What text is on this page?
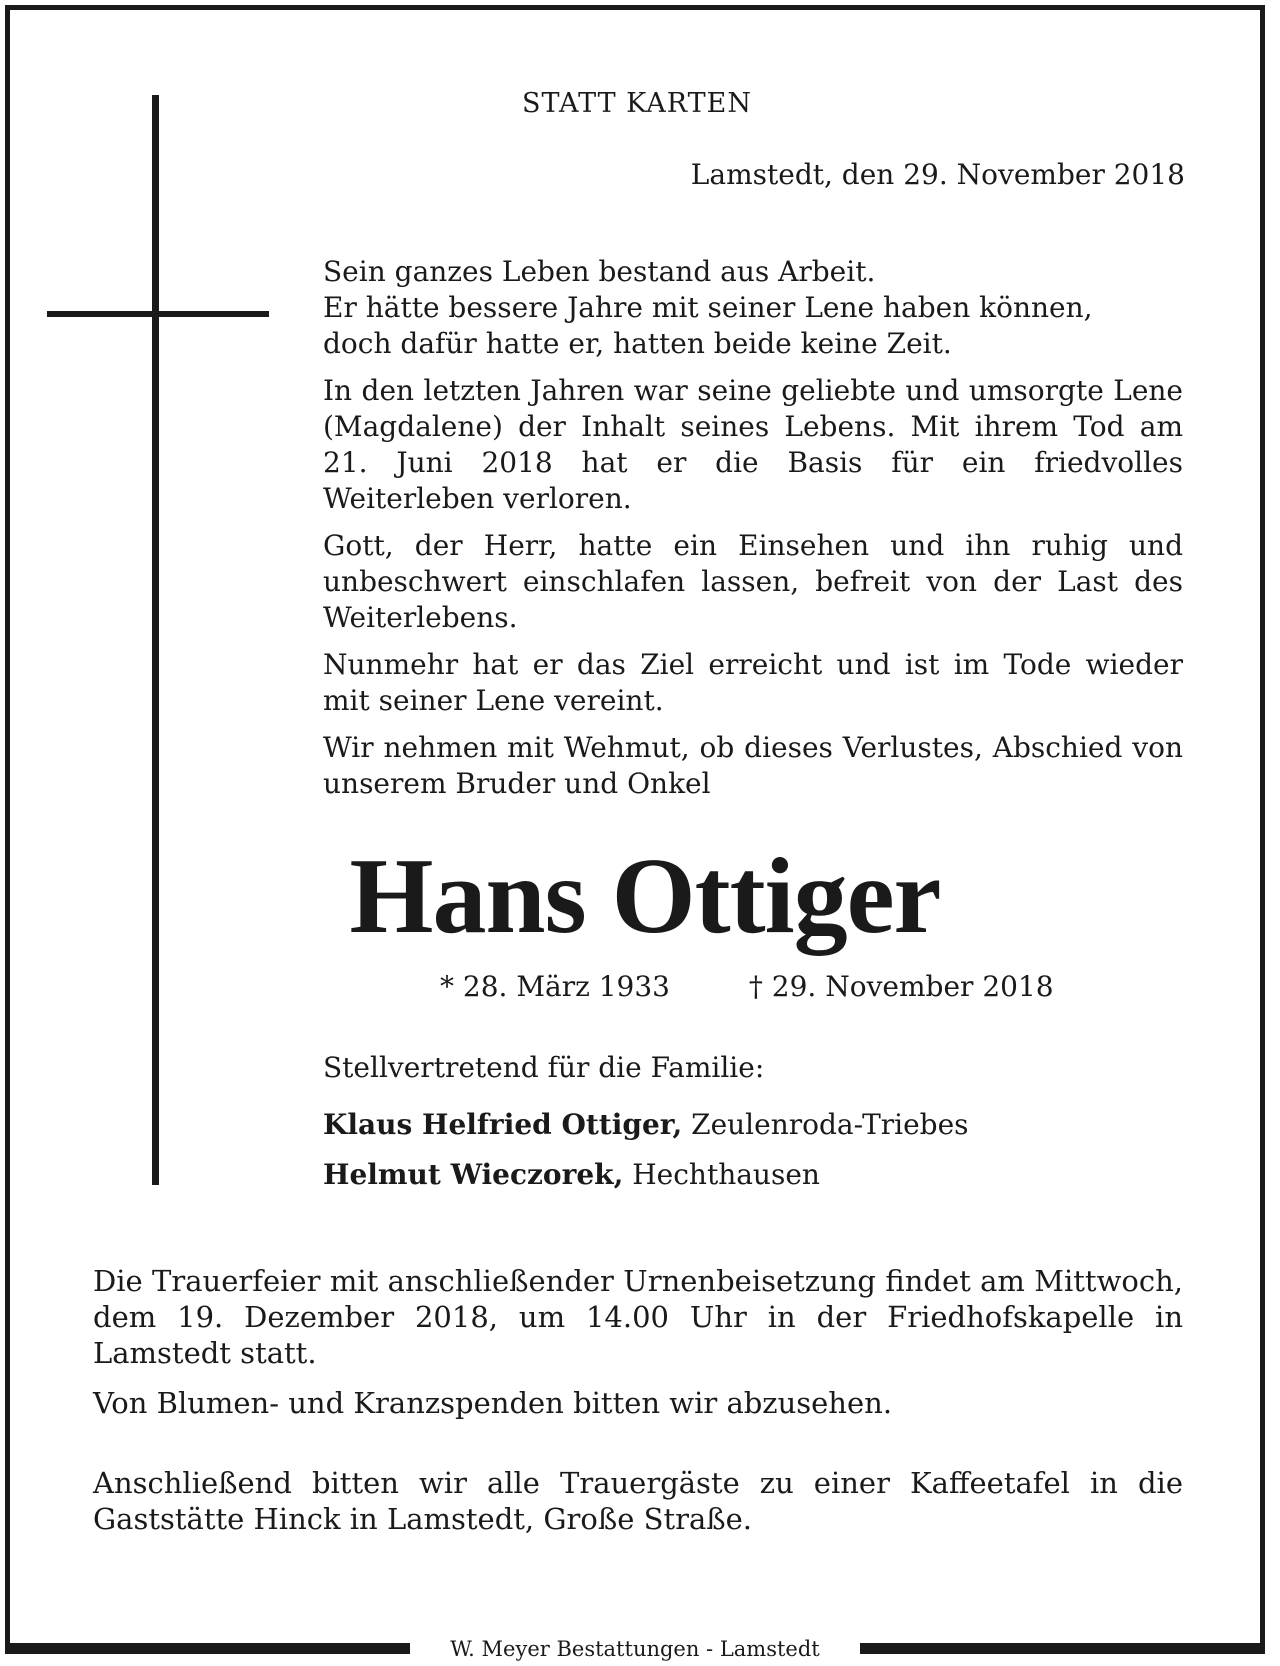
STATT KARTEN
Lamstedt, den 29. November 2018

Sein ganzes Leben bestand aus Arbeit.
Er hätte bessere Jahre mit seiner Lene haben können,
doch dafür hatte er, hatten beide keine Zeit.

In den letzten Jahren war seine geliebte und umsorgte Lene (Magdalene) der Inhalt seines Lebens. Mit ihrem Tod am 21. Juni 2018 hat er die Basis für ein friedvolles Weiterleben verloren.

Gott, der Herr, hatte ein Einsehen und ihn ruhig und unbeschwert einschlafen lassen, befreit von der Last des Weiterlebens.

Nunmehr hat er das Ziel erreicht und ist im Tode wieder mit seiner Lene vereint.

Wir nehmen mit Wehmut, ob dieses Verlustes, Abschied von unserem Bruder und Onkel

Hans Ottiger
* 28. März 1933	† 29. November 2018
Stellvertretend für die Familie:
Klaus Helfried Ottiger, Zeulenroda-Triebes
Helmut Wieczorek, Hechthausen

Die Trauerfeier mit anschließender Urnenbeisetzung findet am Mittwoch, dem 19. Dezember 2018, um 14.00 Uhr in der Friedhofskapelle in Lamstedt statt.

Von Blumen- und Kranzspenden bitten wir abzusehen.

Anschließend bitten wir alle Trauergäste zu einer Kaffeetafel in die Gaststätte Hinck in Lamstedt, Große Straße.

W. Meyer Bestattungen - Lamstedt
